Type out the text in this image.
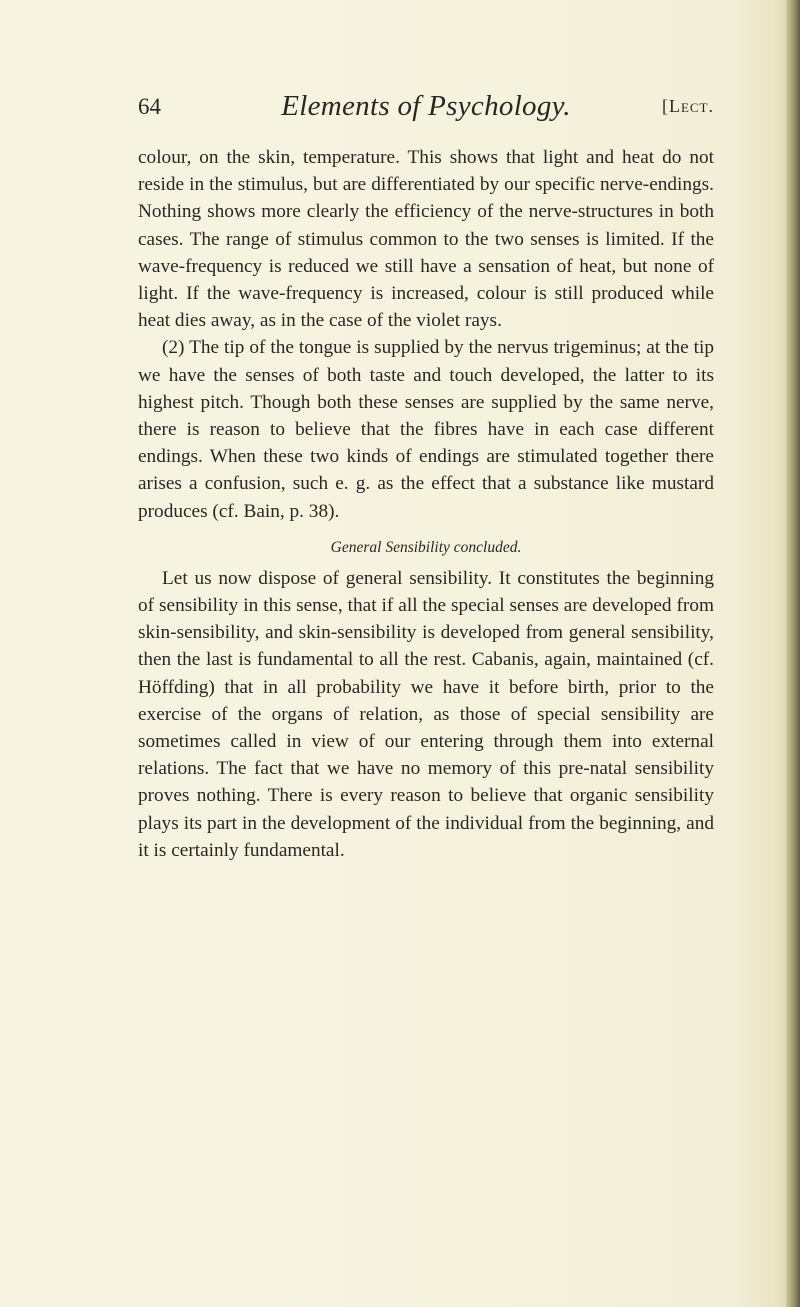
64	Elements of Psychology.	[Lect.

colour, on the skin, temperature. This shows that light and heat do not reside in the stimulus, but are differentiated by our specific nerve-endings. Nothing shows more clearly the efficiency of the nerve-structures in both cases. The range of stimulus common to the two senses is limited. If the wave-frequency is reduced we still have a sensation of heat, but none of light. If the wave-frequency is increased, colour is still produced while heat dies away, as in the case of the violet rays.

(2) The tip of the tongue is supplied by the nervus trigeminus; at the tip we have the senses of both taste and touch developed, the latter to its highest pitch. Though both these senses are supplied by the same nerve, there is reason to believe that the fibres have in each case different endings. When these two kinds of endings are stimulated together there arises a confusion, such e. g. as the effect that a substance like mustard produces (cf. Bain, p. 38).

General Sensibility concluded.

Let us now dispose of general sensibility. It constitutes the beginning of sensibility in this sense, that if all the special senses are developed from skin-sensibility, and skin-sensibility is developed from general sensibility, then the last is fundamental to all the rest. Cabanis, again, maintained (cf. Höffding) that in all probability we have it before birth, prior to the exercise of the organs of relation, as those of special sensibility are sometimes called in view of our entering through them into external relations. The fact that we have no memory of this pre-natal sensibility proves nothing. There is every reason to believe that organic sensibility plays its part in the development of the individual from the beginning, and it is certainly fundamental.
